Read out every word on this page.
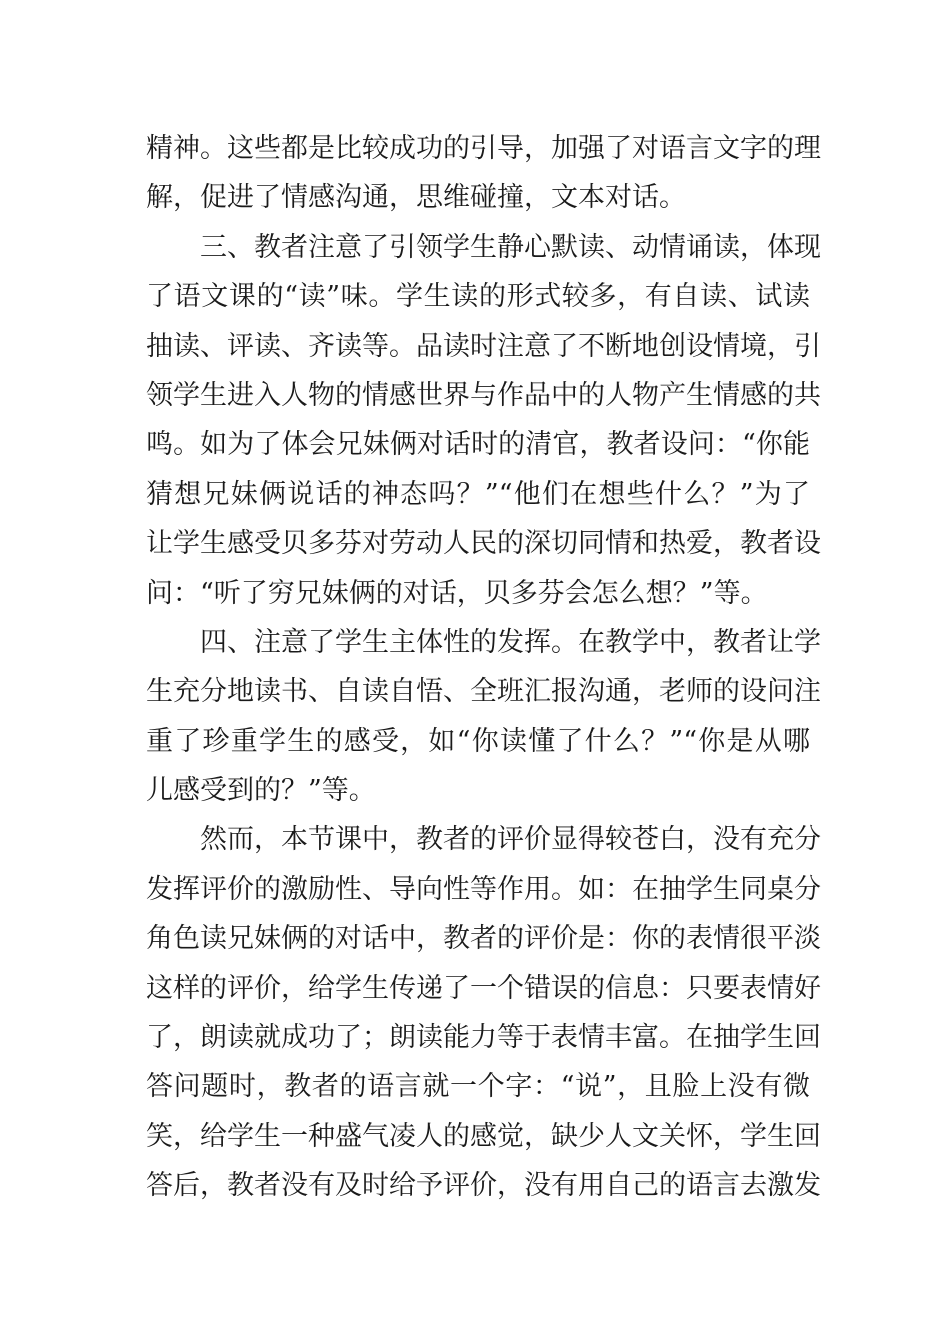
精神。这些都是比较成功的引导，加强了对语言文字的理
解，促进了情感沟通，思维碰撞，文本对话。
三、教者注意了引领学生静心默读、动情诵读，体现
了语文课的“读”味。学生读的形式较多，有自读、试读
抽读、评读、齐读等。品读时注意了不断地创设情境，引
领学生进入人物的情感世界与作品中的人物产生情感的共
鸣。如为了体会兄妹俩对话时的清官，教者设问：“你能
猜想兄妹俩说话的神态吗？”“他们在想些什么？”为了
让学生感受贝多芬对劳动人民的深切同情和热爱，教者设
问：“听了穷兄妹俩的对话，贝多芬会怎么想？”等。
四、注意了学生主体性的发挥。在教学中，教者让学
生充分地读书、自读自悟、全班汇报沟通，老师的设问注
重了珍重学生的感受，如“你读懂了什么？”“你是从哪
儿感受到的？”等。
然而，本节课中，教者的评价显得较苍白，没有充分
发挥评价的激励性、导向性等作用。如：在抽学生同桌分
角色读兄妹俩的对话中，教者的评价是：你的表情很平淡
这样的评价，给学生传递了一个错误的信息：只要表情好
了，朗读就成功了；朗读能力等于表情丰富。在抽学生回
答问题时，教者的语言就一个字：“说”，且脸上没有微
笑，给学生一种盛气凌人的感觉，缺少人文关怀，学生回
答后，教者没有及时给予评价，没有用自己的语言去激发
